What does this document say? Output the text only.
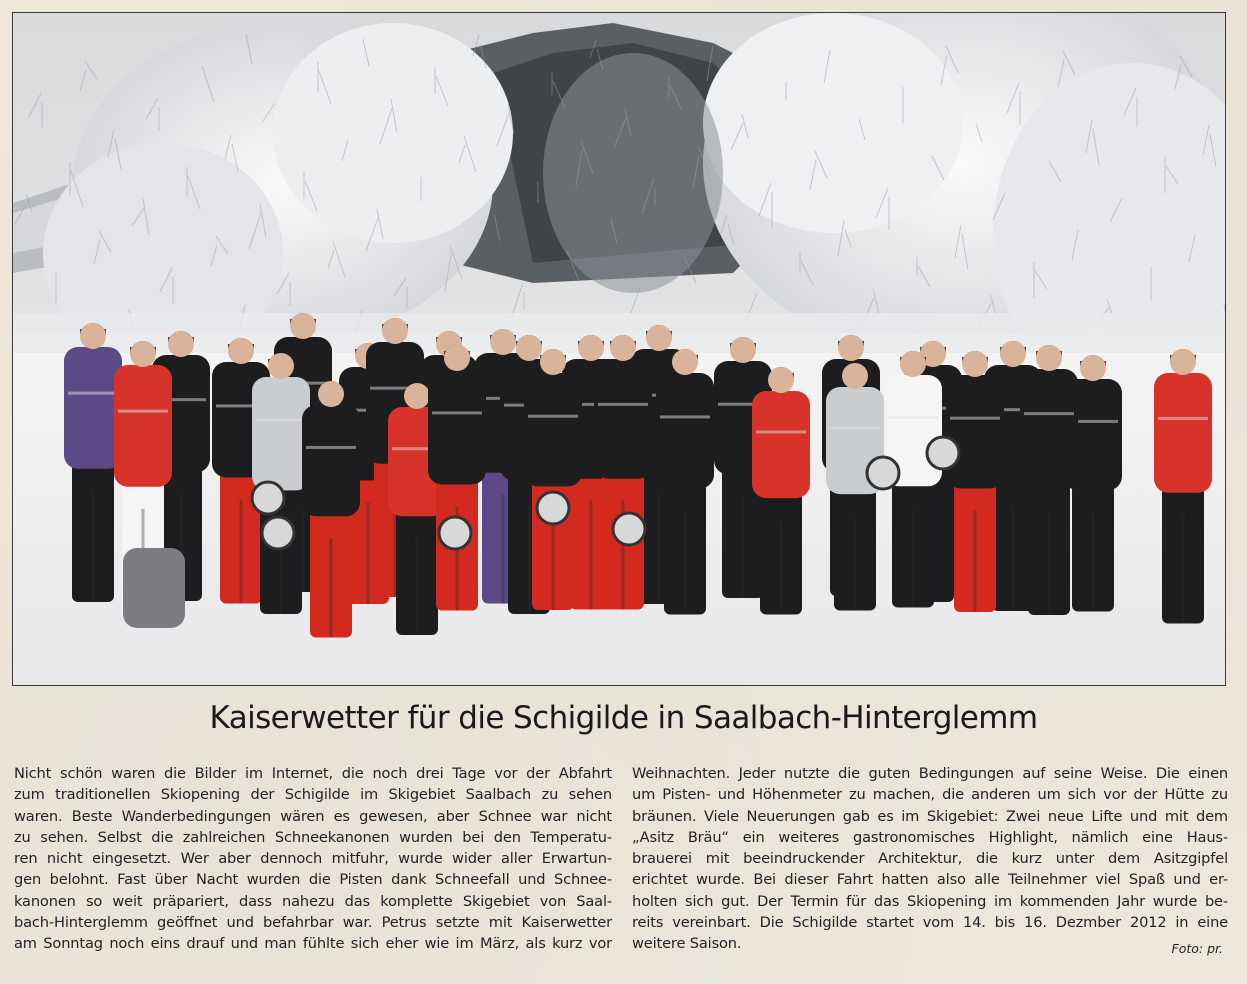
Kaiserwetter für die Schigilde in Saalbach-Hinterglemm
Nicht schön waren die Bilder im Internet, die noch drei Tage vor der Abfahrt
zum traditionellen Skiopening der Schigilde im Skigebiet Saalbach zu sehen
waren. Beste Wanderbedingungen wären es gewesen, aber Schnee war nicht
zu sehen. Selbst die zahlreichen Schneekanonen wurden bei den Temperatu-
ren nicht eingesetzt. Wer aber dennoch mitfuhr, wurde wider aller Erwartun-
gen belohnt. Fast über Nacht wurden die Pisten dank Schneefall und Schnee-
kanonen so weit präpariert, dass nahezu das komplette Skigebiet von Saal-
bach-Hinterglemm geöffnet und befahrbar war. Petrus setzte mit Kaiserwetter
am Sonntag noch eins drauf und man fühlte sich eher wie im März, als kurz vor
Weihnachten. Jeder nutzte die guten Bedingungen auf seine Weise. Die einen
um Pisten- und Höhenmeter zu machen, die anderen um sich vor der Hütte zu
bräunen. Viele Neuerungen gab es im Skigebiet: Zwei neue Lifte und mit dem
„Asitz Bräu“ ein weiteres gastronomisches Highlight, nämlich eine Haus-
brauerei mit beeindruckender Architektur, die kurz unter dem Asitzgipfel
erichtet wurde. Bei dieser Fahrt hatten also alle Teilnehmer viel Spaß und er-
holten sich gut. Der Termin für das Skiopening im kommenden Jahr wurde be-
reits vereinbart. Die Schigilde startet vom 14. bis 16. Dezmber 2012 in eine
weitere Saison.	Foto: pr.
